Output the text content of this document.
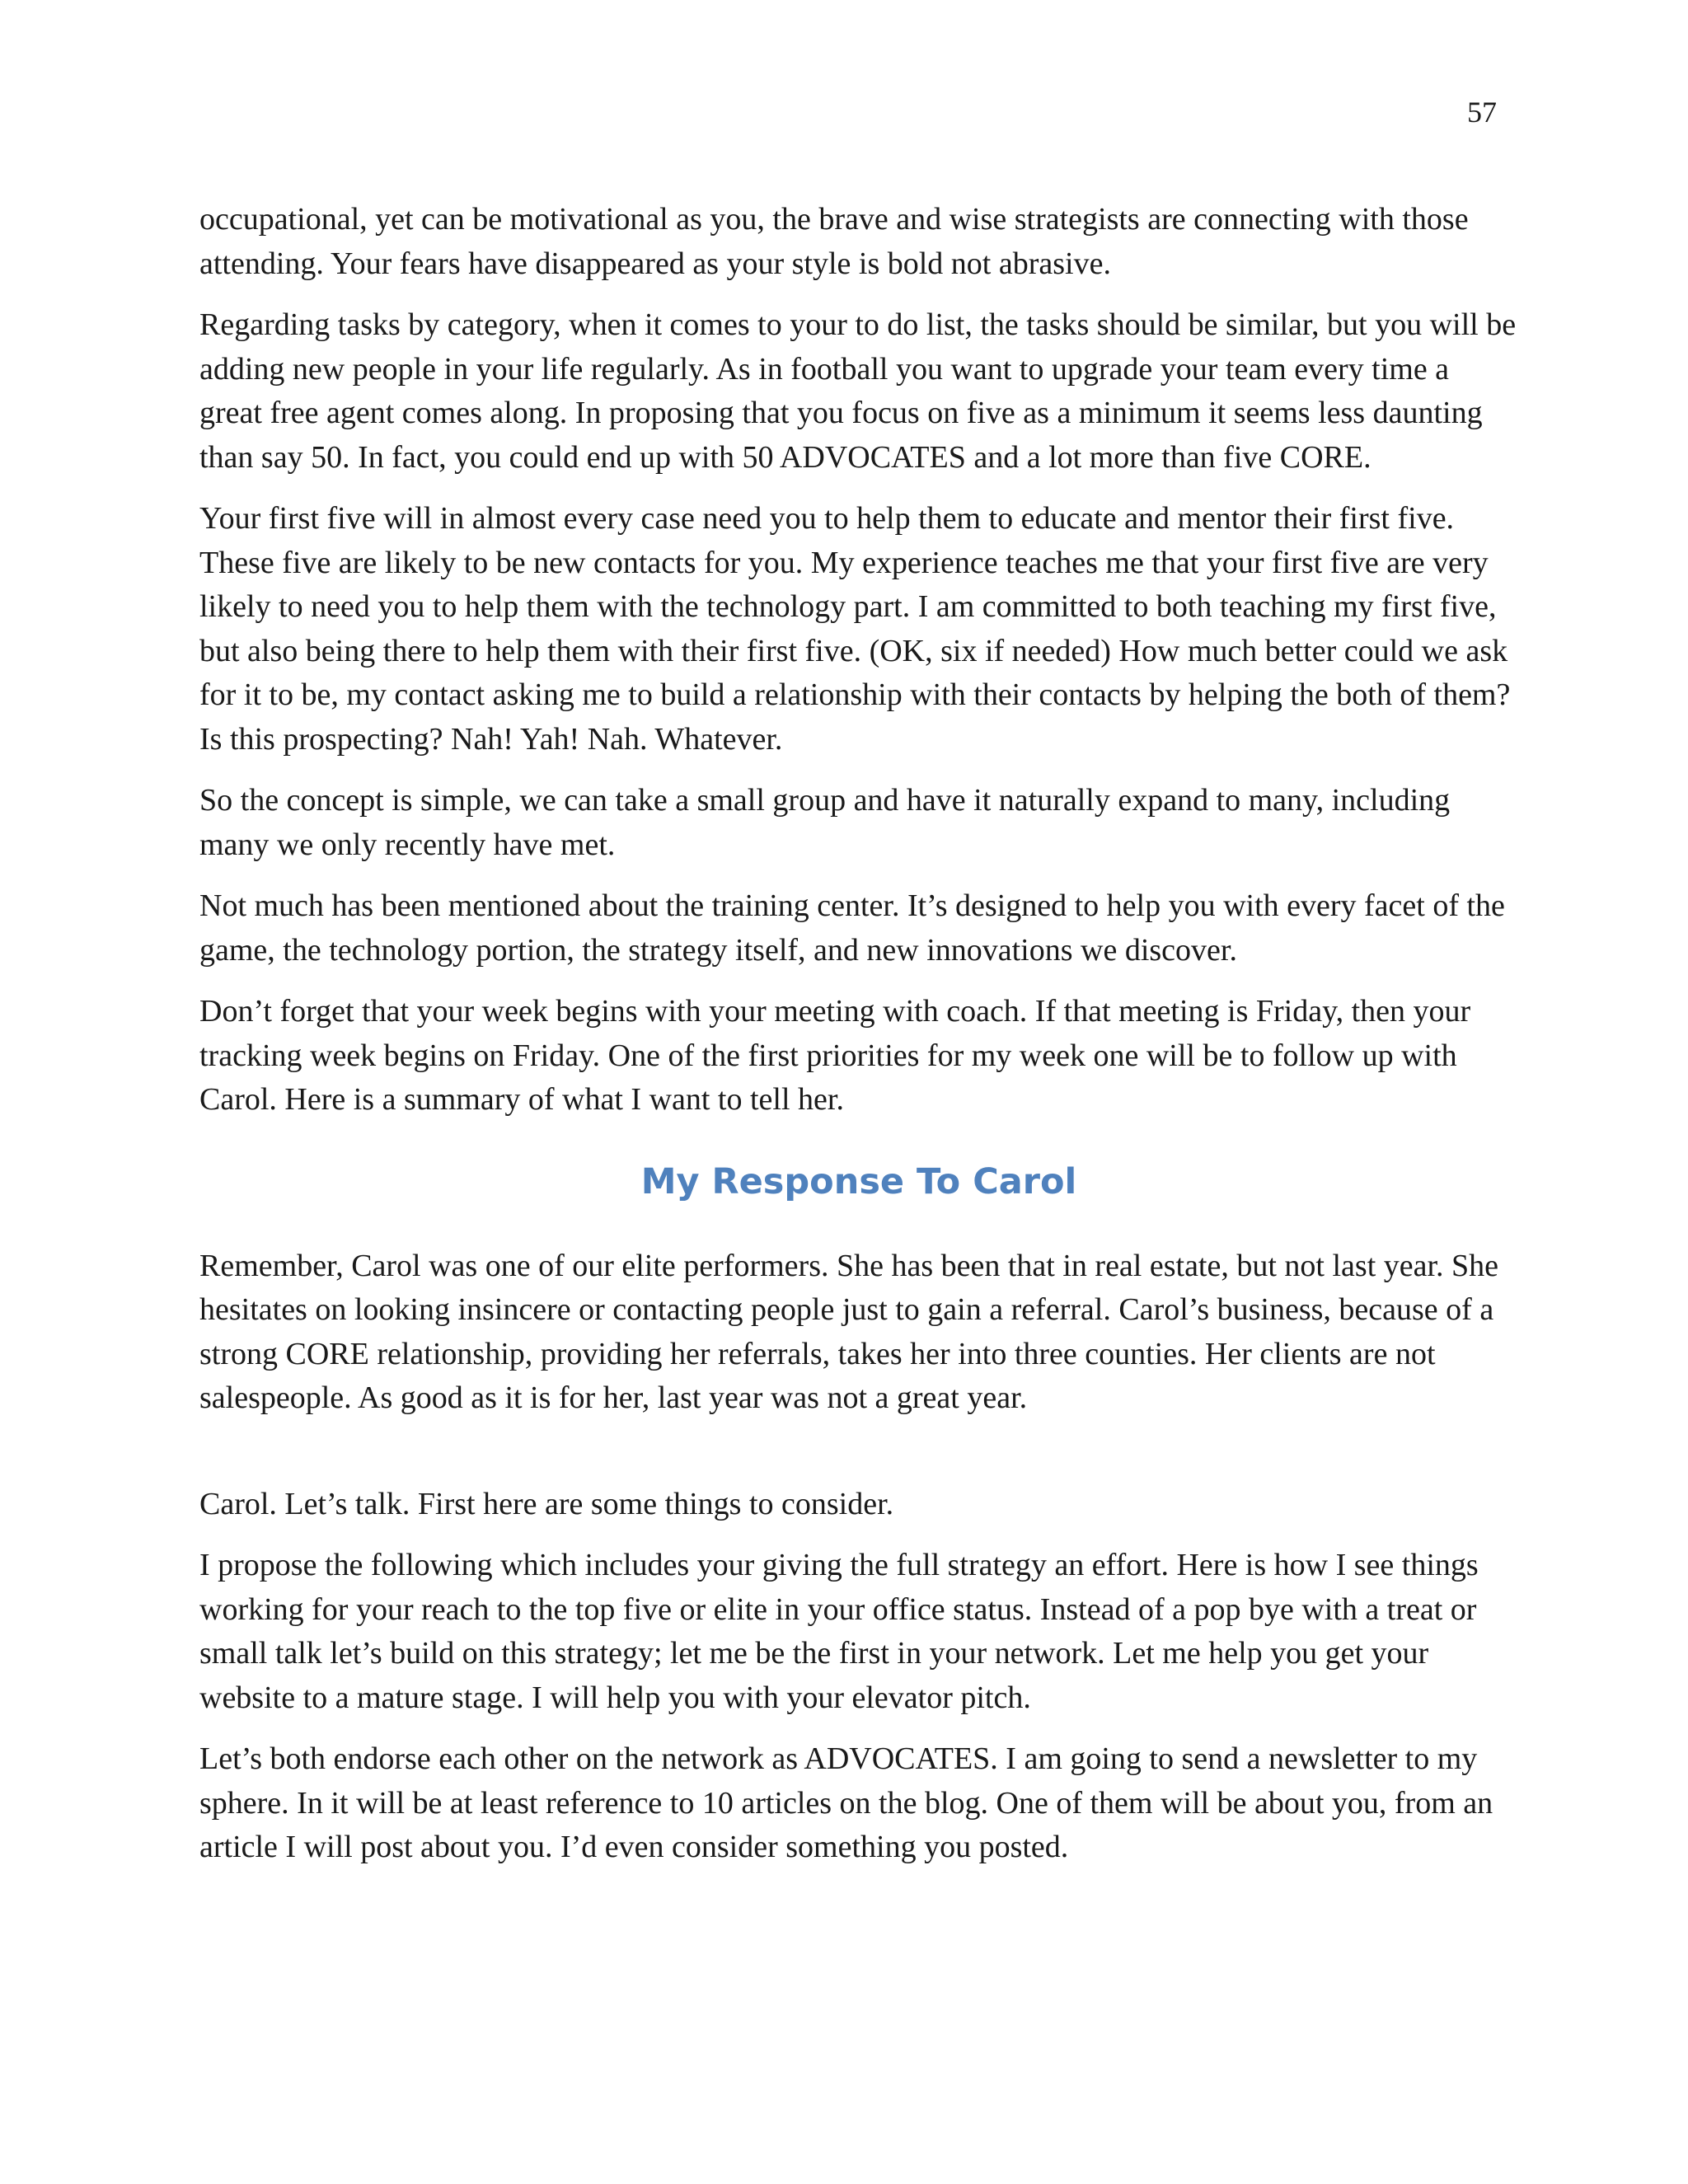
57

occupational, yet can be motivational as you, the brave and wise strategists are connecting with those attending. Your fears have disappeared as your style is bold not abrasive.

Regarding tasks by category, when it comes to your to do list, the tasks should be similar, but you will be adding new people in your life regularly. As in football you want to upgrade your team every time a great free agent comes along. In proposing that you focus on five as a minimum it seems less daunting than say 50. In fact, you could end up with 50 ADVOCATES and a lot more than five CORE.

Your first five will in almost every case need you to help them to educate and mentor their first five. These five are likely to be new contacts for you. My experience teaches me that your first five are very likely to need you to help them with the technology part. I am committed to both teaching my first five, but also being there to help them with their first five. (OK, six if needed) How much better could we ask for it to be, my contact asking me to build a relationship with their contacts by helping the both of them? Is this prospecting? Nah! Yah! Nah. Whatever.

So the concept is simple, we can take a small group and have it naturally expand to many, including many we only recently have met.

Not much has been mentioned about the training center. It’s designed to help you with every facet of the game, the technology portion, the strategy itself, and new innovations we discover.

Don’t forget that your week begins with your meeting with coach. If that meeting is Friday, then your tracking week begins on Friday. One of the first priorities for my week one will be to follow up with Carol. Here is a summary of what I want to tell her.

My Response To Carol

Remember, Carol was one of our elite performers. She has been that in real estate, but not last year. She hesitates on looking insincere or contacting people just to gain a referral. Carol’s business, because of a strong CORE relationship, providing her referrals, takes her into three counties. Her clients are not salespeople. As good as it is for her, last year was not a great year.

Carol. Let’s talk. First here are some things to consider.

I propose the following which includes your giving the full strategy an effort. Here is how I see things working for your reach to the top five or elite in your office status. Instead of a pop bye with a treat or small talk let’s build on this strategy; let me be the first in your network. Let me help you get your website to a mature stage. I will help you with your elevator pitch.

Let’s both endorse each other on the network as ADVOCATES. I am going to send a newsletter to my sphere. In it will be at least reference to 10 articles on the blog. One of them will be about you, from an article I will post about you. I’d even consider something you posted.
